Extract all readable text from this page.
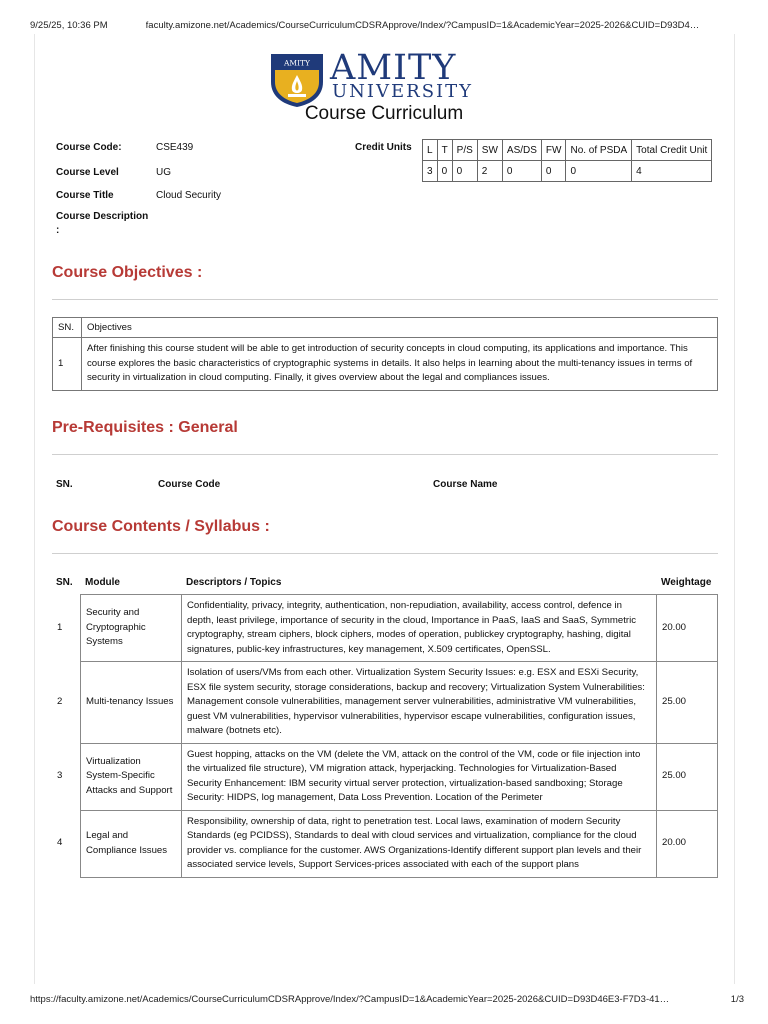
9/25/25, 10:36 PM	faculty.amizone.net/Academics/CourseCurriculumCDSRApprove/Index/?CampusID=1&AcademicYear=2025-2026&CUID=D93D4…
AMITY AMITY
UNIVERSITY
Course Curriculum
Course Code:	CSE439
Course Level	UG
Course Title	Cloud Security
Course Description
:
Credit Units L	T	P/S	SW	AS/DS	FW	No. of PSDA	Total Credit Unit
3	0	0	2	0	0	0	4
Course Objectives :
SN.	Objectives
1	After finishing this course student will be able to get introduction of security concepts in cloud computing, its applications and importance. This course explores the basic characteristics of cryptographic systems in details. It also helps in learning about the multi-tenancy issues in terms of security in virtualization in cloud computing. Finally, it gives overview about the legal and compliances issues.
Pre-Requisites : General
SN.	Course Code	Course Name
Course Contents / Syllabus :
SN. Module	Descriptors / Topics	Weightage
1	Security and Cryptographic Systems	Confidentiality, privacy, integrity, authentication, non-repudiation, availability, access control, defence in depth, least privilege, importance of security in the cloud, Importance in PaaS, IaaS and SaaS, Symmetric cryptography, stream ciphers, block ciphers, modes of operation, publickey cryptography, hashing, digital signatures, public-key infrastructures, key management, X.509 certificates, OpenSSL.	20.00
2	Multi-tenancy Issues	Isolation of users/VMs from each other. Virtualization System Security Issues: e.g. ESX and ESXi Security, ESX file system security, storage considerations, backup and recovery; Virtualization System Vulnerabilities: Management console vulnerabilities, management server vulnerabilities, administrative VM vulnerabilities, guest VM vulnerabilities, hypervisor vulnerabilities, hypervisor escape vulnerabilities, configuration issues, malware (botnets etc).	25.00
3	Virtualization System-Specific Attacks and Support	Guest hopping, attacks on the VM (delete the VM, attack on the control of the VM, code or file injection into the virtualized file structure), VM migration attack, hyperjacking. Technologies for Virtualization-Based Security Enhancement: IBM security virtual server protection, virtualization-based sandboxing; Storage Security: HIDPS, log management, Data Loss Prevention. Location of the Perimeter	25.00
4	Legal and Compliance Issues	Responsibility, ownership of data, right to penetration test. Local laws, examination of modern Security Standards (eg PCIDSS), Standards to deal with cloud services and virtualization, compliance for the cloud provider vs. compliance for the customer. AWS Organizations-Identify different support plan levels and their associated service levels, Support Services-prices associated with each of the support plans	20.00
https://faculty.amizone.net/Academics/CourseCurriculumCDSRApprove/Index/?CampusID=1&AcademicYear=2025-2026&CUID=D93D46E3-F7D3-41…	1/3
